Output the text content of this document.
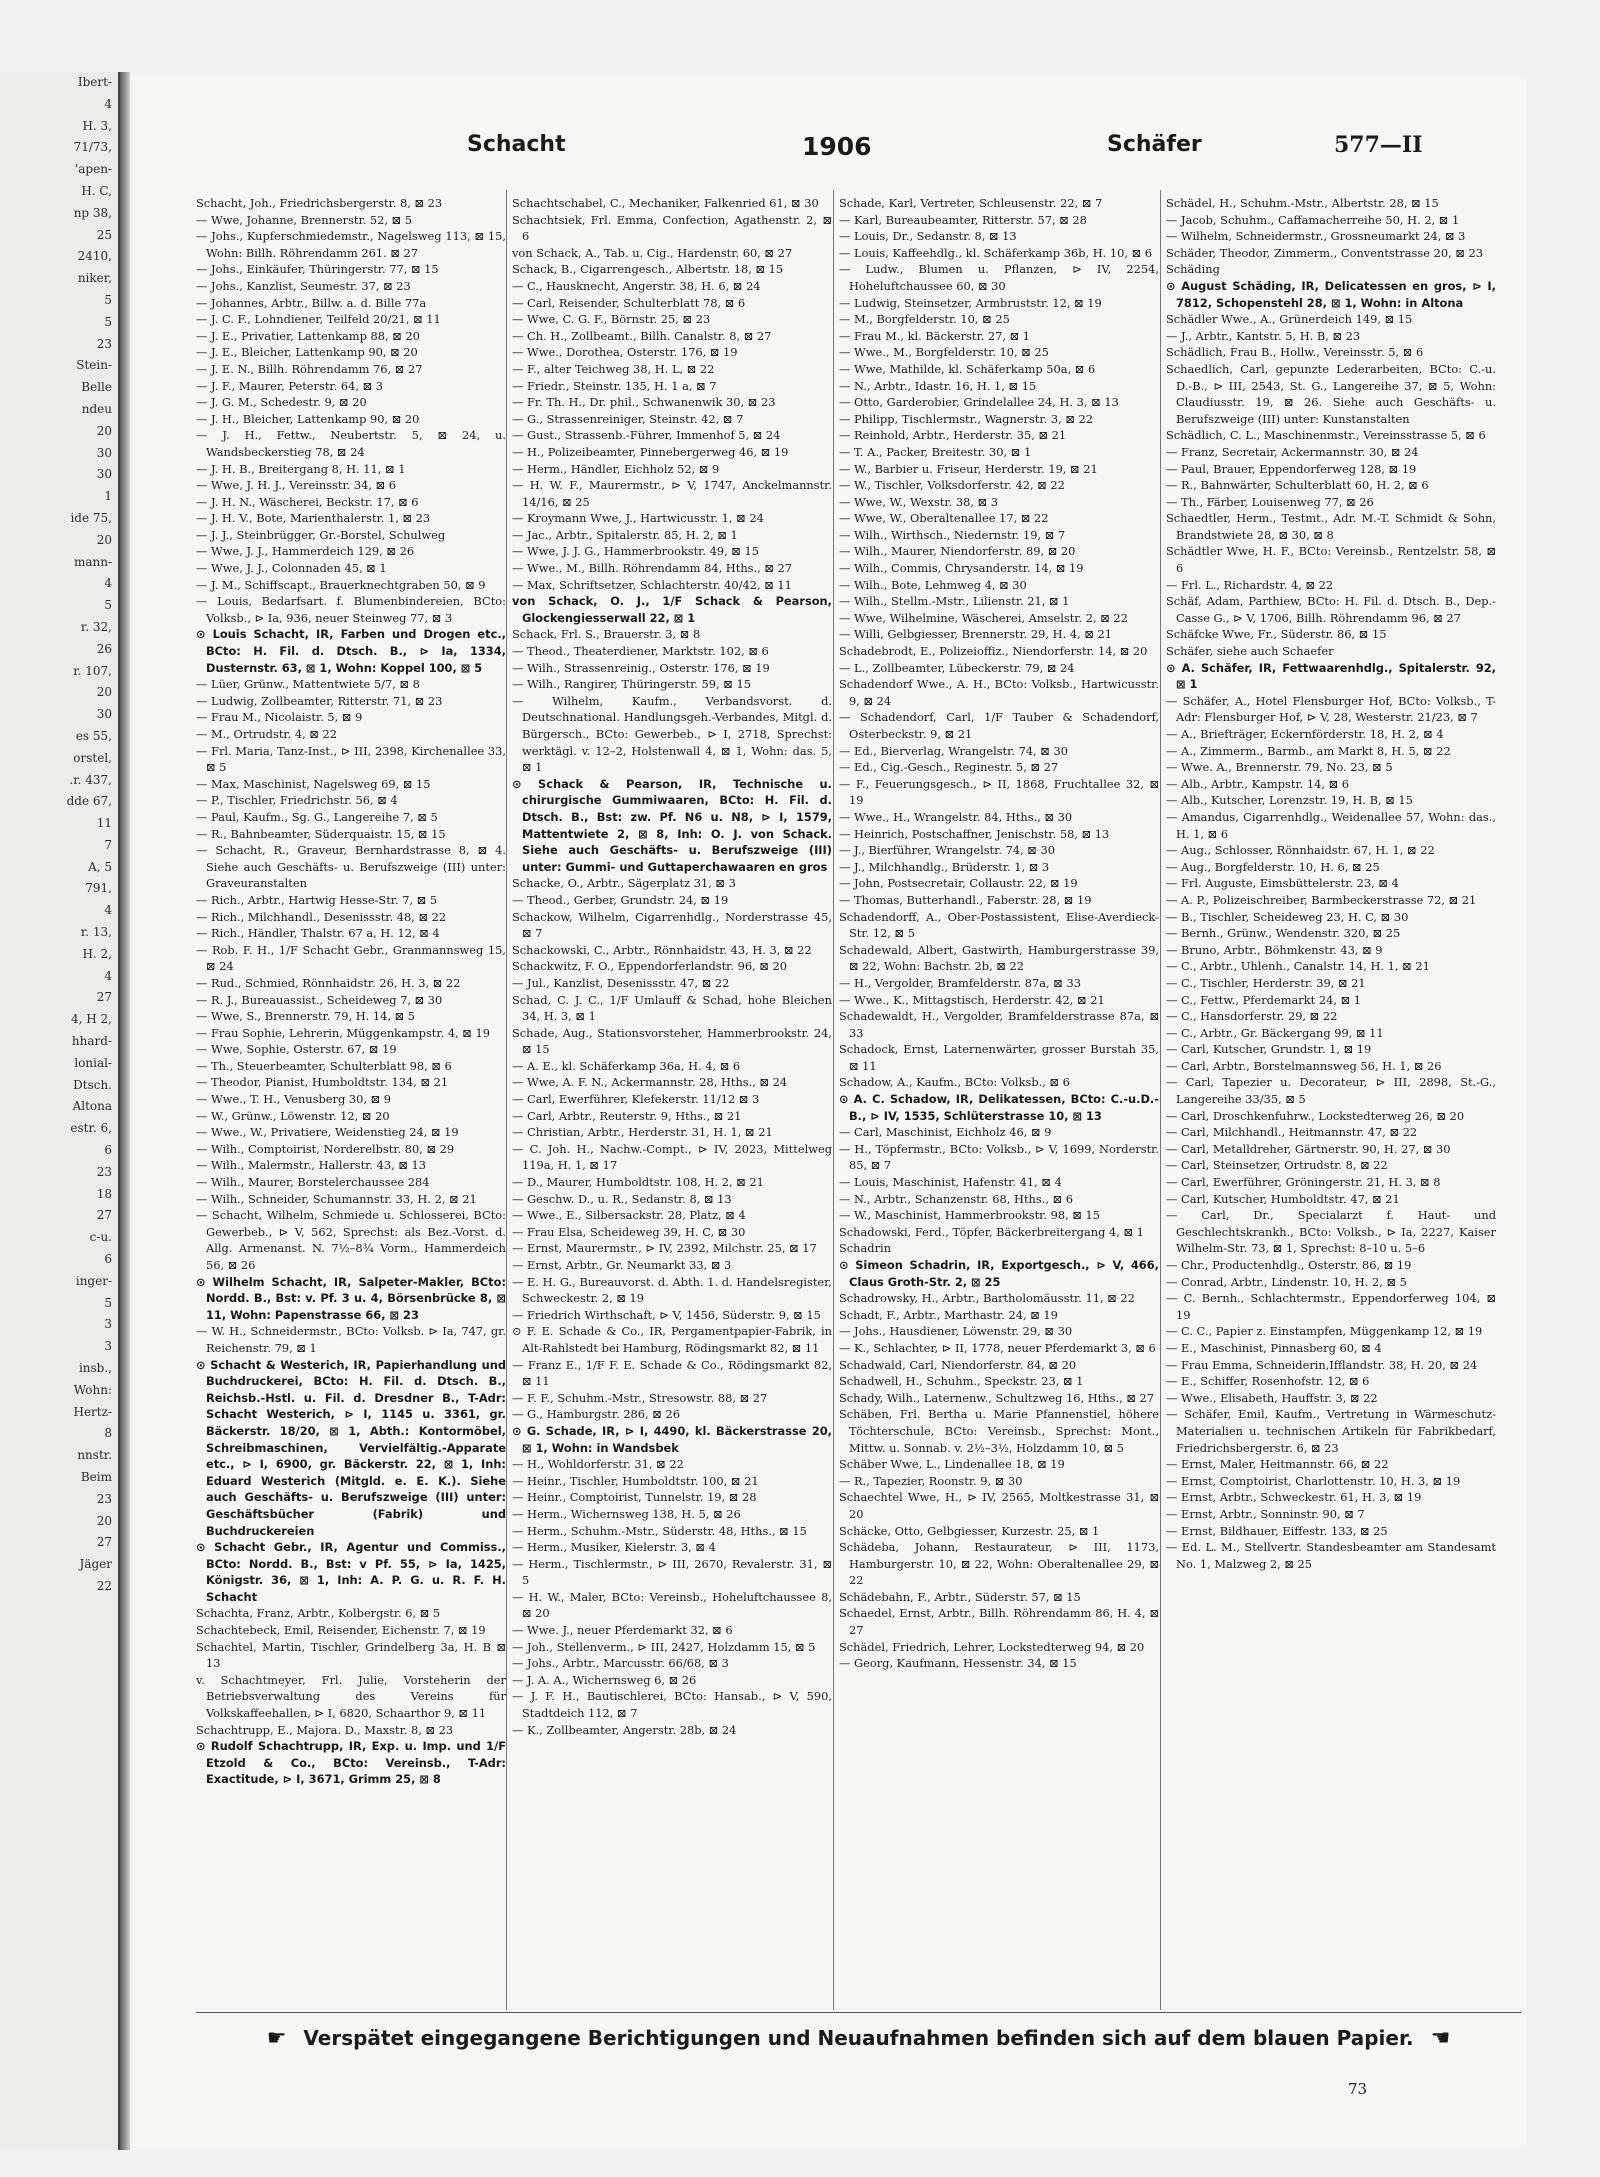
Ibert-
4
H. 3,
71/73,
'apen-
H. C,
np 38,
25
2410,
niker,
5
5
23
Stein-
Belle
ndeu
20
30
30
1
ide 75,
20
mann-
4
5
r. 32,
26
r. 107,
20
30
es 55,
orstel,
.r. 437,
dde 67,
11
7
A, 5
791,
4
r. 13,
H. 2,
4
27
4, H 2,
hhard-
lonial-
Dtsch.
Altona
estr. 6,
6
23
18
27
c-u.
6
inger-
5
3
3
insb.,
Wohn:
Hertz-
8
nnstr.
Beim
23
20
27
Jäger
22
Schacht	1906	Schäfer	577—II

Schacht, Joh., Friedrichsbergerstr. 8, ⊠ 23

— Wwe, Johanne, Brennerstr. 52, ⊠ 5

— Johs., Kupferschmiedemstr., Nagelsweg 113, ⊠ 15, Wohn: Billh. Röhrendamm 261. ⊠ 27

— Johs., Einkäufer, Thüringerstr. 77, ⊠ 15

— Johs., Kanzlist, Seumestr. 37, ⊠ 23

— Johannes, Arbtr., Billw. a. d. Bille 77a

— J. C. F., Lohndiener, Teilfeld 20/21, ⊠ 11

— J. E., Privatier, Lattenkamp 88, ⊠ 20

— J. E., Bleicher, Lattenkamp 90, ⊠ 20

— J. E. N., Billh. Röhrendamm 76, ⊠ 27

— J. F., Maurer, Peterstr. 64, ⊠ 3

— J. G. M., Schedestr. 9, ⊠ 20

— J. H., Bleicher, Lattenkamp 90, ⊠ 20

— J. H., Fettw., Neubertstr. 5, ⊠ 24, u. Wandsbeckerstieg 78, ⊠ 24

— J. H. B., Breitergang 8, H. 11, ⊠ 1

— Wwe, J. H. J., Vereinsstr. 34, ⊠ 6

— J. H. N., Wäscherei, Beckstr. 17, ⊠ 6

— J. H. V., Bote, Marienthalerstr. 1, ⊠ 23

— J. J., Steinbrügger, Gr.-Borstel, Schulweg

— Wwe, J. J., Hammerdeich 129, ⊠ 26

— Wwe, J. J., Colonnaden 45, ⊠ 1

— J. M., Schiffscapt., Brauerknechtgraben 50, ⊠ 9

— Louis, Bedarfsart. f. Blumenbindereien, BCto: Volksb., ⊳ Ia, 936, neuer Steinweg 77, ⊠ 3

⊙ Louis Schacht, IR, Farben und Drogen etc., BCto: H. Fil. d. Dtsch. B., ⊳ Ia, 1334, Dusternstr. 63, ⊠ 1, Wohn: Koppel 100, ⊠ 5

— Lüer, Grünw., Mattentwiete 5/7, ⊠ 8

— Ludwig, Zollbeamter, Ritterstr. 71, ⊠ 23

— Frau M., Nicolaistr. 5, ⊠ 9

— M., Ortrudstr. 4, ⊠ 22

— Frl. Maria, Tanz-Inst., ⊳ III, 2398, Kirchenallee 33, ⊠ 5

— Max, Maschinist, Nagelsweg 69, ⊠ 15

— P., Tischler, Friedrichstr. 56, ⊠ 4

— Paul, Kaufm., Sg. G., Langereihe 7, ⊠ 5

— R., Bahnbeamter, Süderquaistr. 15, ⊠ 15

— Schacht, R., Graveur, Bernhardstrasse 8, ⊠ 4. Siehe auch Geschäfts- u. Berufszweige (III) unter: Graveuranstalten

— Rich., Arbtr., Hartwig Hesse-Str. 7, ⊠ 5

— Rich., Milchhandl., Desenissstr. 48, ⊠ 22

— Rich., Händler, Thalstr. 67 a, H. 12, ⊠ 4

— Rob. F. H., 1/F Schacht Gebr., Granmannsweg 15, ⊠ 24

— Rud., Schmied, Rönnhaidstr. 26, H. 3, ⊠ 22

— R. J., Bureauassist., Scheideweg 7, ⊠ 30

— Wwe, S., Brennerstr. 79, H. 14, ⊠ 5

— Frau Sophie, Lehrerin, Müggenkampstr. 4, ⊠ 19

— Wwe, Sophie, Osterstr. 67, ⊠ 19

— Th., Steuerbeamter, Schulterblatt 98, ⊠ 6

— Theodor, Pianist, Humboldtstr. 134, ⊠ 21

— Wwe., T. H., Venusberg 30, ⊠ 9

— W., Grünw., Löwenstr. 12, ⊠ 20

— Wwe., W., Privatiere, Weidenstieg 24, ⊠ 19

— Wilh., Comptoirist, Norderelbstr. 80, ⊠ 29

— Wilh., Malermstr., Hallerstr. 43, ⊠ 13

— Wilh., Maurer, Borstelerchaussee 284

— Wilh., Schneider, Schumannstr. 33, H. 2, ⊠ 21

— Schacht, Wilhelm, Schmiede u. Schlosserei, BCto: Gewerbeb., ⊳ V, 562, Sprechst: als Bez.-Vorst. d. Allg. Armenanst. N. 7½–8¾ Vorm., Hammerdeich 56, ⊠ 26

⊙ Wilhelm Schacht, IR, Salpeter-Makler, BCto: Nordd. B., Bst: v. Pf. 3 u. 4, Börsenbrücke 8, ⊠ 11, Wohn: Papenstrasse 66, ⊠ 23

— W. H., Schneidermstr., BCto: Volksb. ⊳ Ia, 747, gr. Reichenstr. 79, ⊠ 1

⊙ Schacht & Westerich, IR, Papierhandlung und Buchdruckerei, BCto: H. Fil. d. Dtsch. B., Reichsb.-Hstl. u. Fil. d. Dresdner B., T-Adr: Schacht Westerich, ⊳ I, 1145 u. 3361, gr. Bäckerstr. 18/20, ⊠ 1, Abth.: Kontormöbel, Schreibmaschinen, Vervielfältig.-Apparate etc., ⊳ I, 6900, gr. Bäckerstr. 22, ⊠ 1, Inh: Eduard Westerich (Mitgld. e. E. K.). Siehe auch Geschäfts- u. Berufszweige (III) unter: Geschäftsbücher (Fabrik) und Buchdruckereien

⊙ Schacht Gebr., IR, Agentur und Commiss., BCto: Nordd. B., Bst: v Pf. 55, ⊳ Ia, 1425, Königstr. 36, ⊠ 1, Inh: A. P. G. u. R. F. H. Schacht

Schachta, Franz, Arbtr., Kolbergstr. 6, ⊠ 5

Schachtebeck, Emil, Reisender, Eichenstr. 7, ⊠ 19

Schachtel, Martin, Tischler, Grindelberg 3a, H. B ⊠ 13

v. Schachtmeyer, Frl. Julie, Vorsteherin der Betriebsverwaltung des Vereins für Volkskaffeehallen, ⊳ I, 6820, Schaarthor 9, ⊠ 11

Schachtrupp, E., Majora. D., Maxstr. 8, ⊠ 23

⊙ Rudolf Schachtrupp, IR, Exp. u. Imp. und 1/F Etzold & Co., BCto: Vereinsb., T-Adr: Exactitude, ⊳ I, 3671, Grimm 25, ⊠ 8

Schachtschabel, C., Mechaniker, Falkenried 61, ⊠ 30

Schachtsiek, Frl. Emma, Confection, Agathenstr. 2, ⊠ 6

von Schack, A., Tab. u. Cig., Hardenstr. 60, ⊠ 27

Schack, B., Cigarrengesch., Albertstr. 18, ⊠ 15

— C., Hausknecht, Angerstr. 38, H. 6, ⊠ 24

— Carl, Reisender, Schulterblatt 78, ⊠ 6

— Wwe, C. G. F., Börnstr. 25, ⊠ 23

— Ch. H., Zollbeamt., Billh. Canalstr. 8, ⊠ 27

— Wwe., Dorothea, Osterstr. 176, ⊠ 19

— F., alter Teichweg 38, H. L, ⊠ 22

— Friedr., Steinstr. 135, H. 1 a, ⊠ 7

— Fr. Th. H., Dr. phil., Schwanenwik 30, ⊠ 23

— G., Strassenreiniger, Steinstr. 42, ⊠ 7

— Gust., Strassenb.-Führer, Immenhof 5, ⊠ 24

— H., Polizeibeamter, Pinnebergerweg 46, ⊠ 19

— Herm., Händler, Eichholz 52, ⊠ 9

— H. W. F., Maurermstr., ⊳ V, 1747, Anckelmannstr. 14/16, ⊠ 25

— Kroymann Wwe, J., Hartwicusstr. 1, ⊠ 24

— Jac., Arbtr., Spitalerstr. 85, H. 2, ⊠ 1

— Wwe, J. J. G., Hammerbrookstr. 49, ⊠ 15

— Wwe., M., Billh. Röhrendamm 84, Hths., ⊠ 27

— Max, Schriftsetzer, Schlachterstr. 40/42, ⊠ 11

von Schack, O. J., 1/F Schack & Pearson, Glockengiesserwall 22, ⊠ 1

Schack, Frl. S., Brauerstr. 3, ⊠ 8

— Theod., Theaterdiener, Marktstr. 102, ⊠ 6

— Wilh., Strassenreinig., Osterstr. 176, ⊠ 19

— Wilh., Rangirer, Thüringerstr. 59, ⊠ 15

— Wilhelm, Kaufm., Verbandsvorst. d. Deutschnational. Handlungsgeh.-Verbandes, Mitgl. d. Bürgersch., BCto: Gewerbeb., ⊳ I, 2718, Sprechst: werktägl. v. 12–2, Holstenwall 4, ⊠ 1, Wohn: das. 5, ⊠ 1

⊙ Schack & Pearson, IR, Technische u. chirurgische Gummiwaaren, BCto: H. Fil. d. Dtsch. B., Bst: zw. Pf. N6 u. N8, ⊳ I, 1579, Mattentwiete 2, ⊠ 8, Inh: O. J. von Schack. Siehe auch Geschäfts- u. Berufszweige (III) unter: Gummi- und Guttaperchawaaren en gros

Schacke, O., Arbtr., Sägerplatz 31, ⊠ 3

— Theod., Gerber, Grundstr. 24, ⊠ 19

Schackow, Wilhelm, Cigarrenhdlg., Norderstrasse 45, ⊠ 7

Schackowski, C., Arbtr., Rönnhaidstr. 43, H. 3, ⊠ 22

Schackwitz, F. O., Eppendorferlandstr. 96, ⊠ 20

— Jul., Kanzlist, Desenissstr. 47, ⊠ 22

Schad, C. J. C., 1/F Umlauff & Schad, hohe Bleichen 34, H. 3, ⊠ 1

Schade, Aug., Stationsvorsteher, Hammerbrookstr. 24, ⊠ 15

— A. E., kl. Schäferkamp 36a, H. 4, ⊠ 6

— Wwe, A. F. N., Ackermannstr. 28, Hths., ⊠ 24

— Carl, Ewerführer, Klefekerstr. 11/12 ⊠ 3

— Carl, Arbtr., Reuterstr. 9, Hths., ⊠ 21

— Christian, Arbtr., Herderstr. 31, H. 1, ⊠ 21

— C. Joh. H., Nachw.-Compt., ⊳ IV, 2023, Mittelweg 119a, H. 1, ⊠ 17

— D., Maurer, Humboldtstr. 108, H. 2, ⊠ 21

— Geschw. D., u. R., Sedanstr. 8, ⊠ 13

— Wwe., E., Silbersackstr. 28, Platz, ⊠ 4

— Frau Elsa, Scheideweg 39, H. C, ⊠ 30

— Ernst, Maurermstr., ⊳ IV, 2392, Milchstr. 25, ⊠ 17

— Ernst, Arbtr., Gr. Neumarkt 33, ⊠ 3

— E. H. G., Bureauvorst. d. Abth. 1. d. Handelsregister, Schweckestr. 2, ⊠ 19

— Friedrich Wirthschaft, ⊳ V, 1456, Süderstr. 9, ⊠ 15

⊙ F. E. Schade & Co., IR, Pergamentpapier-Fabrik, in Alt-Rahlstedt bei Hamburg, Rödingsmarkt 82, ⊠ 11

— Franz E., 1/F F. E. Schade & Co., Rödingsmarkt 82, ⊠ 11

— F. F., Schuhm.-Mstr., Stresowstr. 88, ⊠ 27

— G., Hamburgstr. 286, ⊠ 26

⊙ G. Schade, IR, ⊳ I, 4490, kl. Bäckerstrasse 20, ⊠ 1, Wohn: in Wandsbek

— H., Wohldorferstr. 31, ⊠ 22

— Heinr., Tischler, Humboldtstr. 100, ⊠ 21

— Heinr., Comptoirist, Tunnelstr. 19, ⊠ 28

— Herm., Wichernsweg 138, H. 5, ⊠ 26

— Herm., Schuhm.-Mstr., Süderstr. 48, Hths., ⊠ 15

— Herm., Musiker, Kielerstr. 3, ⊠ 4

— Herm., Tischlermstr., ⊳ III, 2670, Revalerstr. 31, ⊠ 5

— H. W., Maler, BCto: Vereinsb., Hoheluftchaussee 8, ⊠ 20

— Wwe. J., neuer Pferdemarkt 32, ⊠ 6

— Joh., Stellenverm., ⊳ III, 2427, Holzdamm 15, ⊠ 5

— Johs., Arbtr., Marcusstr. 66/68, ⊠ 3

— J. A. A., Wichernsweg 6, ⊠ 26

— J. F. H., Bautischlerei, BCto: Hansab., ⊳ V, 590, Stadtdeich 112, ⊠ 7

— K., Zollbeamter, Angerstr. 28b, ⊠ 24

Schade, Karl, Vertreter, Schleusenstr. 22, ⊠ 7

— Karl, Bureaubeamter, Ritterstr. 57, ⊠ 28

— Louis, Dr., Sedanstr. 8, ⊠ 13

— Louis, Kaffeehdlg., kl. Schäferkamp 36b, H. 10, ⊠ 6

— Ludw., Blumen u. Pflanzen, ⊳ IV, 2254, Hoheluftchaussee 60, ⊠ 30

— Ludwig, Steinsetzer, Armbruststr. 12, ⊠ 19

— M., Borgfelderstr. 10, ⊠ 25

— Frau M., kl. Bäckerstr. 27, ⊠ 1

— Wwe., M., Borgfelderstr. 10, ⊠ 25

— Wwe, Mathilde, kl. Schäferkamp 50a, ⊠ 6

— N., Arbtr., Idastr. 16, H. 1, ⊠ 15

— Otto, Garderobier, Grindelallee 24, H. 3, ⊠ 13

— Philipp, Tischlermstr., Wagnerstr. 3, ⊠ 22

— Reinhold, Arbtr., Herderstr. 35, ⊠ 21

— T. A., Packer, Breitestr. 30, ⊠ 1

— W., Barbier u. Friseur, Herderstr. 19, ⊠ 21

— W., Tischler, Volksdorferstr. 42, ⊠ 22

— Wwe, W., Wexstr. 38, ⊠ 3

— Wwe, W., Oberaltenallee 17, ⊠ 22

— Wilh., Wirthsch., Niedernstr. 19, ⊠ 7

— Wilh., Maurer, Niendorferstr. 89, ⊠ 20

— Wilh., Commis, Chrysanderstr. 14, ⊠ 19

— Wilh., Bote, Lehmweg 4, ⊠ 30

— Wilh., Stellm.-Mstr., Lilienstr. 21, ⊠ 1

— Wwe, Wilhelmine, Wäscherei, Amselstr. 2, ⊠ 22

— Willi, Gelbgiesser, Brennerstr. 29, H. 4, ⊠ 21

Schadebrodt, E., Polizeioffiz., Niendorferstr. 14, ⊠ 20

— L., Zollbeamter, Lübeckerstr. 79, ⊠ 24

Schadendorf Wwe., A. H., BCto: Volksb., Hartwicusstr. 9, ⊠ 24

— Schadendorf, Carl, 1/F Tauber & Schadendorf, Osterbeckstr. 9, ⊠ 21

— Ed., Bierverlag, Wrangelstr. 74, ⊠ 30

— Ed., Cig.-Gesch., Reginestr. 5, ⊠ 27

— F., Feuerungsgesch., ⊳ II, 1868, Fruchtallee 32, ⊠ 19

— Wwe., H., Wrangelstr. 84, Hths., ⊠ 30

— Heinrich, Postschaffner, Jenischstr. 58, ⊠ 13

— J., Bierführer, Wrangelstr. 74, ⊠ 30

— J., Milchhandlg., Brüderstr. 1, ⊠ 3

— John, Postsecretair, Collaustr. 22, ⊠ 19

— Thomas, Butterhandl., Faberstr. 28, ⊠ 19

Schadendorff, A., Ober-Postassistent, Elise-Averdieck-Str. 12, ⊠ 5

Schadewald, Albert, Gastwirth, Hamburgerstrasse 39, ⊠ 22, Wohn: Bachstr. 2b, ⊠ 22

— H., Vergolder, Bramfelderstr. 87a, ⊠ 33

— Wwe., K., Mittagstisch, Herderstr. 42, ⊠ 21

Schadewaldt, H., Vergolder, Bramfelderstrasse 87a, ⊠ 33

Schadock, Ernst, Laternenwärter, grosser Burstah 35, ⊠ 11

Schadow, A., Kaufm., BCto: Volksb., ⊠ 6

⊙ A. C. Schadow, IR, Delikatessen, BCto: C.-u.D.-B., ⊳ IV, 1535, Schlüterstrasse 10, ⊠ 13

— Carl, Maschinist, Eichholz 46, ⊠ 9

— H., Töpfermstr., BCto: Volksb., ⊳ V, 1699, Norderstr. 85, ⊠ 7

— Louis, Maschinist, Hafenstr. 41, ⊠ 4

— N., Arbtr., Schanzenstr. 68, Hths., ⊠ 6

— W., Maschinist, Hammerbrookstr. 98, ⊠ 15

Schadowski, Ferd., Töpfer, Bäckerbreitergang 4, ⊠ 1

Schadrin

⊙ Simeon Schadrin, IR, Exportgesch., ⊳ V, 466, Claus Groth-Str. 2, ⊠ 25

Schadrowsky, H., Arbtr., Bartholomäusstr. 11, ⊠ 22

Schadt, F., Arbtr., Marthastr. 24, ⊠ 19

— Johs., Hausdiener, Löwenstr. 29, ⊠ 30

— K., Schlachter, ⊳ II, 1778, neuer Pferdemarkt 3, ⊠ 6

Schadwald, Carl, Niendorferstr. 84, ⊠ 20

Schadwell, H., Schuhm., Speckstr. 23, ⊠ 1

Schady, Wilh., Laternenw., Schultzweg 16, Hths., ⊠ 27

Schäben, Frl. Bertha u. Marie Pfannenstiel, höhere Töchterschule, BCto: Vereinsb., Sprechst: Mont., Mittw. u. Sonnab. v. 2½–3½, Holzdamm 10, ⊠ 5

Schäber Wwe, L., Lindenallee 18, ⊠ 19

— R., Tapezier, Roonstr. 9, ⊠ 30

Schaechtel Wwe, H., ⊳ IV, 2565, Moltkestrasse 31, ⊠ 20

Schäcke, Otto, Gelbgiesser, Kurzestr. 25, ⊠ 1

Schädeba, Johann, Restaurateur, ⊳ III, 1173, Hamburgerstr. 10, ⊠ 22, Wohn: Oberaltenallee 29, ⊠ 22

Schädebahn, F., Arbtr., Süderstr. 57, ⊠ 15

Schaedel, Ernst, Arbtr., Billh. Röhrendamm 86, H. 4, ⊠ 27

Schädel, Friedrich, Lehrer, Lockstedterweg 94, ⊠ 20

— Georg, Kaufmann, Hessenstr. 34, ⊠ 15

Schädel, H., Schuhm.-Mstr., Albertstr. 28, ⊠ 15

— Jacob, Schuhm., Caffamacherreihe 50, H. 2, ⊠ 1

— Wilhelm, Schneidermstr., Grossneumarkt 24, ⊠ 3

Schäder, Theodor, Zimmerm., Conventstrasse 20, ⊠ 23

Schäding

⊙ August Schäding, IR, Delicatessen en gros, ⊳ I, 7812, Schopenstehl 28, ⊠ 1, Wohn: in Altona

Schädler Wwe., A., Grünerdeich 149, ⊠ 15

— J., Arbtr., Kantstr. 5, H. B, ⊠ 23

Schädlich, Frau B., Hollw., Vereinsstr. 5, ⊠ 6

Schaedlich, Carl, gepunzte Lederarbeiten, BCto: C.-u. D.-B., ⊳ III, 2543, St. G., Langereihe 37, ⊠ 5, Wohn: Claudiusstr. 19, ⊠ 26. Siehe auch Geschäfts- u. Berufszweige (III) unter: Kunstanstalten

Schädlich, C. L., Maschinenmstr., Vereinsstrasse 5, ⊠ 6

— Franz, Secretair, Ackermannstr. 30, ⊠ 24

— Paul, Brauer, Eppendorferweg 128, ⊠ 19

— R., Bahnwärter, Schulterblatt 60, H. 2, ⊠ 6

— Th., Färber, Louisenweg 77, ⊠ 26

Schaedtler, Herm., Testmt., Adr. M.-T. Schmidt & Sohn, Brandstwiete 28, ⊠ 30, ⊠ 8

Schädtler Wwe, H. F., BCto: Vereinsb., Rentzelstr. 58, ⊠ 6

— Frl. L., Richardstr. 4, ⊠ 22

Schäf, Adam, Parthiew, BCto: H. Fil. d. Dtsch. B., Dep.-Casse G., ⊳ V, 1706, Billh. Röhrendamm 96, ⊠ 27

Schäfcke Wwe, Fr., Süderstr. 86, ⊠ 15

Schäfer, siehe auch Schaefer

⊙ A. Schäfer, IR, Fettwaarenhdlg., Spitalerstr. 92, ⊠ 1

— Schäfer, A., Hotel Flensburger Hof, BCto: Volksb., T-Adr: Flensburger Hof, ⊳ V, 28, Westerstr. 21/23, ⊠ 7

— A., Briefträger, Eckernförderstr. 18, H. 2, ⊠ 4

— A., Zimmerm., Barmb., am Markt 8, H. 5, ⊠ 22

— Wwe. A., Brennerstr. 79, No. 23, ⊠ 5

— Alb., Arbtr., Kampstr. 14, ⊠ 6

— Alb., Kutscher, Lorenzstr. 19, H. B, ⊠ 15

— Amandus, Cigarrenhdlg., Weidenallee 57, Wohn: das., H. 1, ⊠ 6

— Aug., Schlosser, Rönnhaidstr. 67, H. 1, ⊠ 22

— Aug., Borgfelderstr. 10, H. 6, ⊠ 25

— Frl. Auguste, Eimsbüttelerstr. 23, ⊠ 4

— A. P., Polizeischreiber, Barmbeckerstrasse 72, ⊠ 21

— B., Tischler, Scheideweg 23, H. C, ⊠ 30

— Bernh., Grünw., Wendenstr. 320, ⊠ 25

— Bruno, Arbtr., Böhmkenstr. 43, ⊠ 9

— C., Arbtr., Uhlenh., Canalstr. 14, H. 1, ⊠ 21

— C., Tischler, Herderstr. 39, ⊠ 21

— C., Fettw., Pferdemarkt 24, ⊠ 1

— C., Hansdorferstr. 29, ⊠ 22

— C., Arbtr., Gr. Bäckergang 99, ⊠ 11

— Carl, Kutscher, Grundstr. 1, ⊠ 19

— Carl, Arbtr., Borstelmannsweg 56, H. 1, ⊠ 26

— Carl, Tapezier u. Decorateur, ⊳ III, 2898, St.-G., Langereihe 33/35, ⊠ 5

— Carl, Droschkenfuhrw., Lockstedterweg 26, ⊠ 20

— Carl, Milchhandl., Heitmannstr. 47, ⊠ 22

— Carl, Metalldreher, Gärtnerstr. 90, H. 27, ⊠ 30

— Carl, Steinsetzer, Ortrudstr. 8, ⊠ 22

— Carl, Ewerführer, Gröningerstr. 21, H. 3, ⊠ 8

— Carl, Kutscher, Humboldtstr. 47, ⊠ 21

— Carl, Dr., Specialarzt f. Haut- und Geschlechtskrankh., BCto: Volksb., ⊳ Ia, 2227, Kaiser Wilhelm-Str. 73, ⊠ 1, Sprechst: 8–10 u. 5–6

— Chr., Productenhdlg., Osterstr. 86, ⊠ 19

— Conrad, Arbtr., Lindenstr. 10, H. 2, ⊠ 5

— C. Bernh., Schlachtermstr., Eppendorferweg 104, ⊠ 19

— C. C., Papier z. Einstampfen, Müggenkamp 12, ⊠ 19

— E., Maschinist, Pinnasberg 60, ⊠ 4

— Frau Emma, Schneiderin,Ifflandstr. 38, H. 20, ⊠ 24

— E., Schiffer, Rosenhofstr. 12, ⊠ 6

— Wwe., Elisabeth, Hauffstr. 3, ⊠ 22

— Schäfer, Emil, Kaufm., Vertretung in Wärmeschutz-Materialien u. technischen Artikeln für Fabrikbedarf, Friedrichsbergerstr. 6, ⊠ 23

— Ernst, Maler, Heitmannstr. 66, ⊠ 22

— Ernst, Comptoirist, Charlottenstr. 10, H. 3, ⊠ 19

— Ernst, Arbtr., Schweckestr. 61, H. 3, ⊠ 19

— Ernst, Arbtr., Sonninstr. 90, ⊠ 7

— Ernst, Bildhauer, Eiffestr. 133, ⊠ 25

— Ed. L. M., Stellvertr. Standesbeamter am Standesamt No. 1, Malzweg 2, ⊠ 25

☛ Verspätet eingegangene Berichtigungen und Neuaufnahmen befinden sich auf dem blauen Papier. ☚
73
